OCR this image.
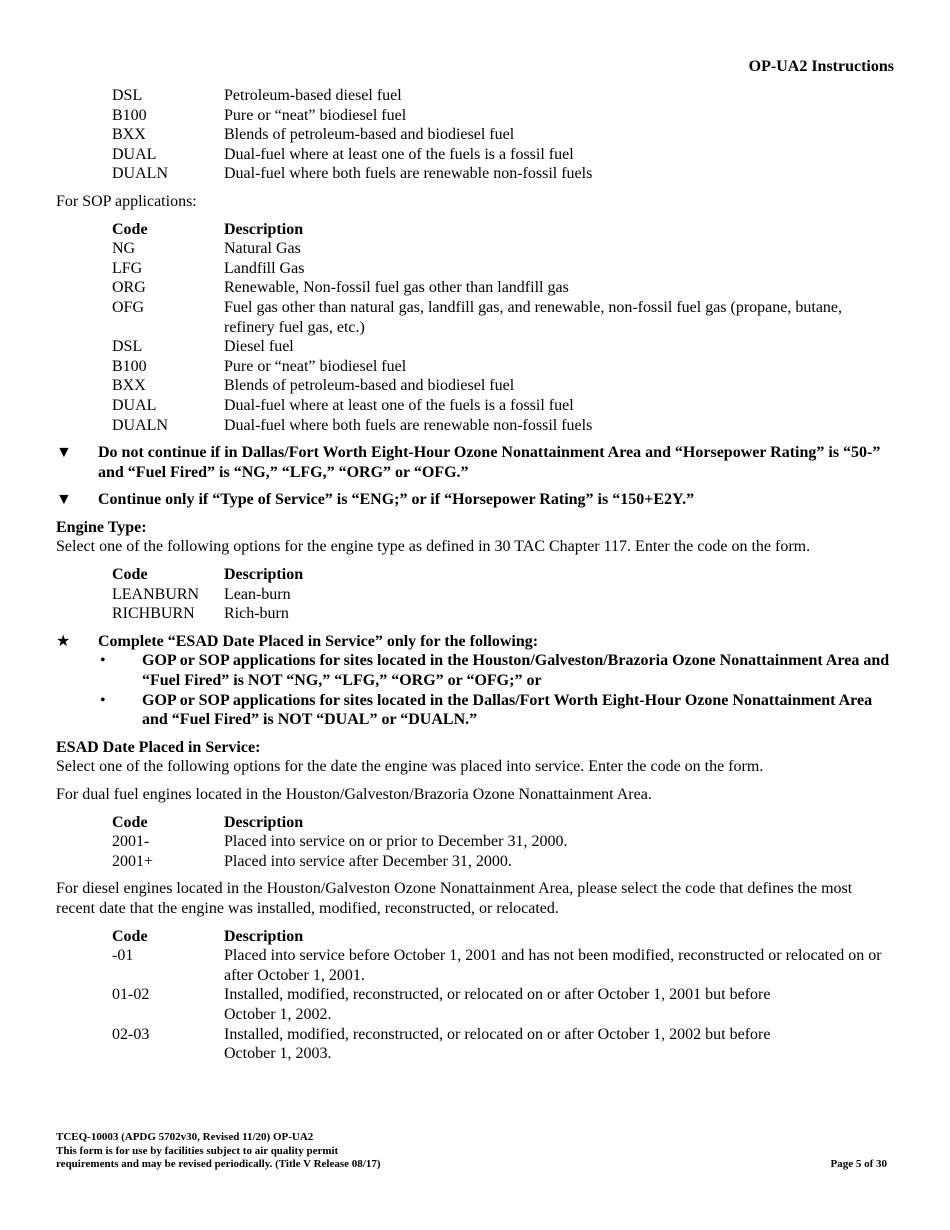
OP-UA2 Instructions
DSL	Petroleum-based diesel fuel
B100	Pure or “neat” biodiesel fuel
BXX	Blends of petroleum-based and biodiesel fuel
DUAL	Dual-fuel where at least one of the fuels is a fossil fuel
DUALN	Dual-fuel where both fuels are renewable non-fossil fuels

For SOP applications:

Code	Description
NG	Natural Gas
LFG	Landfill Gas
ORG	Renewable, Non-fossil fuel gas other than landfill gas
OFG	Fuel gas other than natural gas, landfill gas, and renewable, non-fossil fuel gas (propane, butane, refinery fuel gas, etc.)
DSL	Diesel fuel
B100	Pure or “neat” biodiesel fuel
BXX	Blends of petroleum-based and biodiesel fuel
DUAL	Dual-fuel where at least one of the fuels is a fossil fuel
DUALN	Dual-fuel where both fuels are renewable non-fossil fuels
▼	Do not continue if in Dallas/Fort Worth Eight-Hour Ozone Nonattainment Area and “Horsepower Rating” is “50-” and “Fuel Fired” is “NG,” “LFG,” “ORG” or “OFG.”
▼	Continue only if “Type of Service” is “ENG;” or if “Horsepower Rating” is “150+E2Y.”

Engine Type:

Select one of the following options for the engine type as defined in 30 TAC Chapter 117. Enter the code on the form.

Code	Description
LEANBURN	Lean-burn
RICHBURN	Rich-burn
★	Complete “ESAD Date Placed in Service” only for the following:
•	GOP or SOP applications for sites located in the Houston/Galveston/Brazoria Ozone Nonattainment Area and “Fuel Fired” is NOT “NG,” “LFG,” “ORG” or “OFG;” or
•	GOP or SOP applications for sites located in the Dallas/Fort Worth Eight-Hour Ozone Nonattainment Area and “Fuel Fired” is NOT “DUAL” or “DUALN.”

ESAD Date Placed in Service:

Select one of the following options for the date the engine was placed into service. Enter the code on the form.

For dual fuel engines located in the Houston/Galveston/Brazoria Ozone Nonattainment Area.

Code	Description
2001-	Placed into service on or prior to December 31, 2000.
2001+	Placed into service after December 31, 2000.

For diesel engines located in the Houston/Galveston Ozone Nonattainment Area, please select the code that defines the most recent date that the engine was installed, modified, reconstructed, or relocated.

Code	Description
-01	Placed into service before October 1, 2001 and has not been modified, reconstructed or relocated on or after October 1, 2001.
01-02	Installed, modified, reconstructed, or relocated on or after October 1, 2001 but before October 1, 2002.
02-03	Installed, modified, reconstructed, or relocated on or after October 1, 2002 but before October 1, 2003.
TCEQ-10003 (APDG 5702v30, Revised 11/20) OP-UA2
This form is for use by facilities subject to air quality permit
requirements and may be revised periodically. (Title V Release 08/17)	Page 5 of 30
